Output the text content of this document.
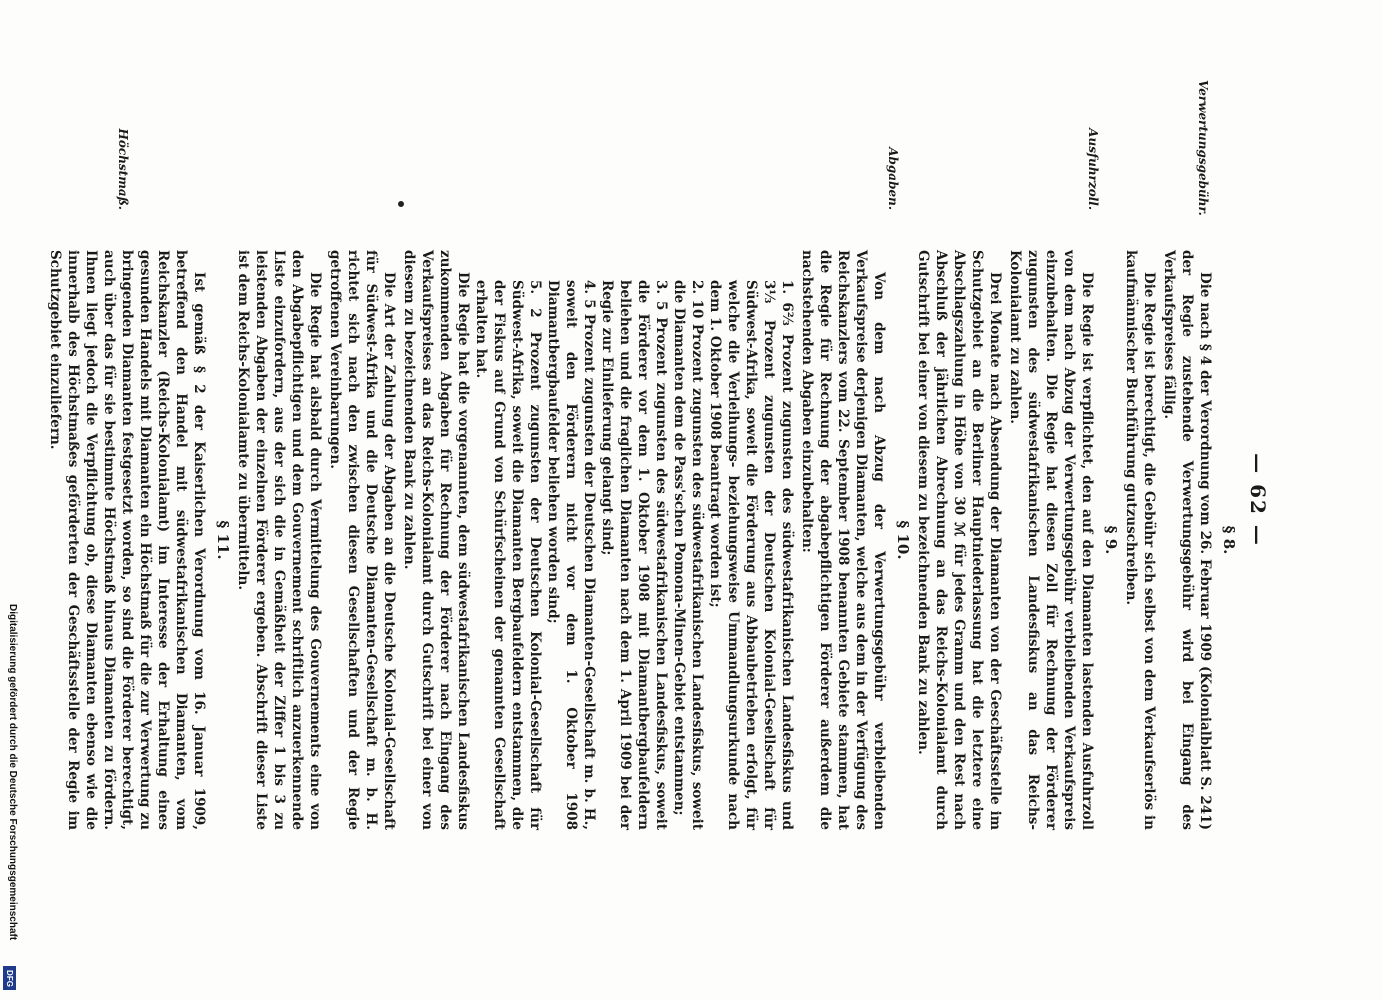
— 62 —
Verwertungsgebühr.
Ausfuhrzoll.
Abgaben.
Höchstmaß.
§ 8.

Die nach § 4 der Verordnung vom 26. Februar 1909 (Kolonialblatt S. 241) der Regie zustehende Verwertungsgebühr wird bei Eingang des Verkaufspreises fällig.

Die Regie ist berechtigt, die Gebühr sich selbst von dem Verkaufserlös in kaufmännischer Buchführung gutzuschreiben.

§ 9.

Die Regie ist verpflichtet, den auf den Diamanten lastenden Ausfuhrzoll von dem nach Abzug der Verwertungsgebühr verbleibenden Verkaufspreis einzubehalten. Die Regie hat diesen Zoll für Rechnung der Förderer zugunsten des südwestafrikanischen Landesfiskus an das Reichs-Kolonialamt zu zahlen.

Drei Monate nach Absendung der Diamanten von der Geschäftsstelle im Schutzgebiet an die Berliner Hauptniederlassung hat die letztere eine Abschlagszahlung in Höhe von 30 ℳ für jedes Gramm und den Rest nach Abschluß der jährlichen Abrechnung an das Reichs-Kolonialamt durch Gutschrift bei einer von diesem zu bezeichnenden Bank zu zahlen.

§ 10.

Von dem nach Abzug der Verwertungsgebühr verbleibenden Verkaufspreise derjenigen Diamanten, welche aus dem in der Verfügung des Reichskanzlers vom 22. September 1908 benannten Gebiete stammen, hat die Regie für Rechnung der abgabepflichtigen Förderer außerdem die nachstehenden Abgaben einzubehalten:

1. 6⅔ Prozent zugunsten des südwestafrikanischen Landesfiskus und 3⅓ Prozent zugunsten der Deutschen Kolonial-Gesellschaft für Südwest-Afrika, soweit die Förderung aus Abbaubetrieben erfolgt, für welche die Verleihungs- beziehungsweise Ummandlungsurkunde nach dem 1. Oktober 1908 beantragt worden ist;
2. 10 Prozent zugunsten des südwestafrikanischen Landesfiskus, soweit die Diamanten dem de Pass'schen Pomona-Minen-Gebiet entstammen;
3. 5 Prozent zugunsten des südwestafrikanischen Landesfiskus, soweit die Förderer vor dem 1. Oktober 1908 mit Diamantbergbaufeldern beliehen und die fraglichen Diamanten nach dem 1. April 1909 bei der Regie zur Einlieferung gelangt sind;
4. 5 Prozent zugunsten der Deutschen Diamanten-Gesellschaft m. b. H., soweit den Förderern nicht vor dem 1. Oktober 1908 Diamantbergbaufelder beliehen worden sind;
5. 2 Prozent zugunsten der Deutschen Kolonial-Gesellschaft für Südwest-Afrika, soweit die Diamanten Bergbaufeldern entstammen, die der Fiskus auf Grund von Schürfscheinen der genannten Gesellschaft erhalten hat.

Die Regie hat die vorgenannten, dem südwestafrikanischen Landesfiskus zukommenden Abgaben für Rechnung der Förderer nach Eingang des Verkaufspreises an das Reichs-Kolonialamt durch Gutschrift bei einer von diesem zu bezeichnenden Bank zu zahlen.

Die Art der Zahlung der Abgaben an die Deutsche Kolonial-Gesellschaft für Südwest-Afrika und die Deutsche Diamanten-Gesellschaft m. b. H. richtet sich nach den zwischen diesen Gesellschaften und der Regie getroffenen Vereinbarungen.

Die Regie hat alsbald durch Vermittelung des Gouvernements eine von den Abgabepflichtigen und dem Gouvernement schriftlich anzuerkennende Liste einzufordern, aus der sich die in Gemäßheit der Ziffer 1 bis 3 zu leistenden Abgaben der einzelnen Förderer ergeben. Abschrift dieser Liste ist dem Reichs-Kolonialamte zu übermitteln.

§ 11.

Ist gemäß § 2 der Kaiserlichen Verordnung vom 16. Januar 1909, betreffend den Handel mit südwestafrikanischen Diamanten, vom Reichskanzler (Reichs-Kolonialamt) im Interesse der Erhaltung eines gesunden Handels mit Diamanten ein Höchstmaß für die zur Verwertung zu bringenden Diamanten festgesetzt worden, so sind die Förderer berechtigt, auch über das für sie bestimmte Höchstmaß hinaus Diamanten zu fördern. Ihnen liegt jedoch die Verpflichtung ob, diese Diamanten ebenso wie die innerhalb des Höchstmaßes geförderten der Geschäftsstelle der Regie im Schutzgebiet einzuliefern.

Digitalisierung gefördert durch die Deutsche Forschungsgemeinschaft
DFG
